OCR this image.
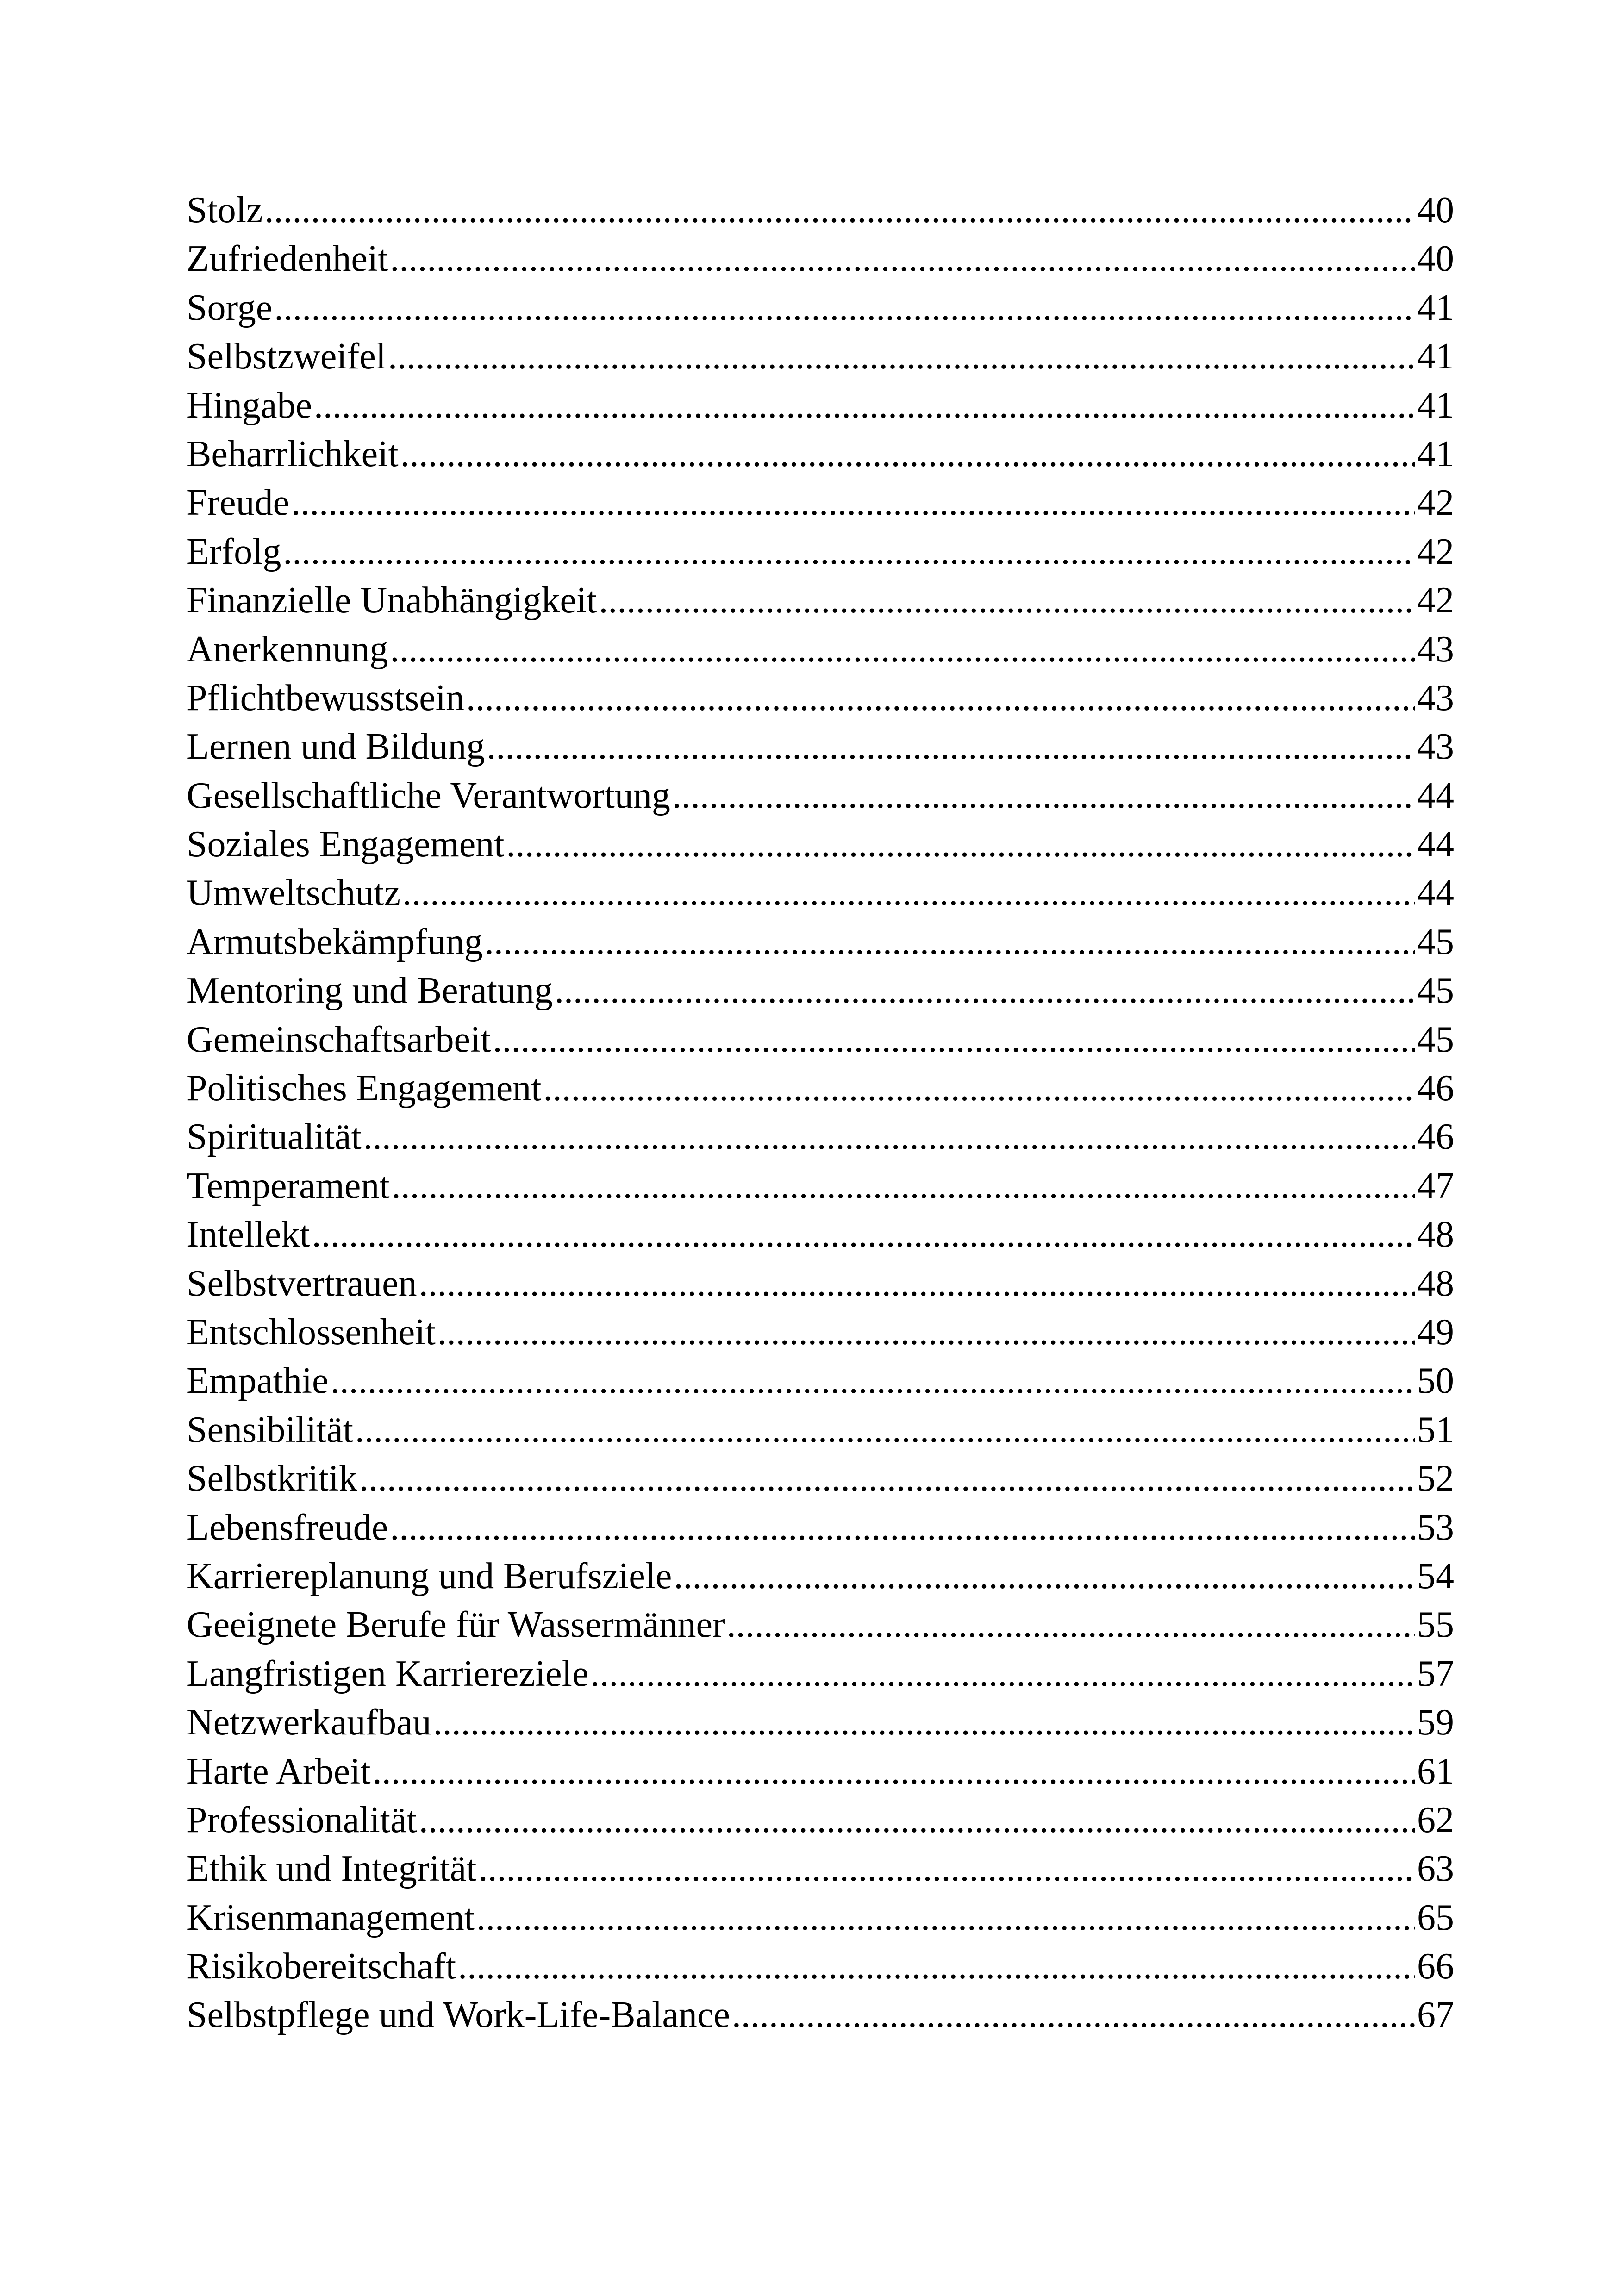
Stolz .....	40
Zufriedenheit .....	40
Sorge .....	41
Selbstzweifel .....	41
Hingabe .....	41
Beharrlichkeit .....	41
Freude .....	42
Erfolg .....	42
Finanzielle Unabhängigkeit .....	42
Anerkennung .....	43
Pflichtbewusstsein .....	43
Lernen und Bildung .....	43
Gesellschaftliche Verantwortung .....	44
Soziales Engagement .....	44
Umweltschutz .....	44
Armutsbekämpfung .....	45
Mentoring und Beratung .....	45
Gemeinschaftsarbeit .....	45
Politisches Engagement .....	46
Spiritualität .....	46
Temperament .....	47
Intellekt .....	48
Selbstvertrauen .....	48
Entschlossenheit .....	49
Empathie .....	50
Sensibilität .....	51
Selbstkritik .....	52
Lebensfreude .....	53
Karriereplanung und Berufsziele .....	54
Geeignete Berufe für Wassermänner .....	55
Langfristigen Karriereziele .....	57
Netzwerkaufbau .....	59
Harte Arbeit .....	61
Professionalität .....	62
Ethik und Integrität .....	63
Krisenmanagement .....	65
Risikobereitschaft .....	66
Selbstpflege und Work-Life-Balance .....	67
